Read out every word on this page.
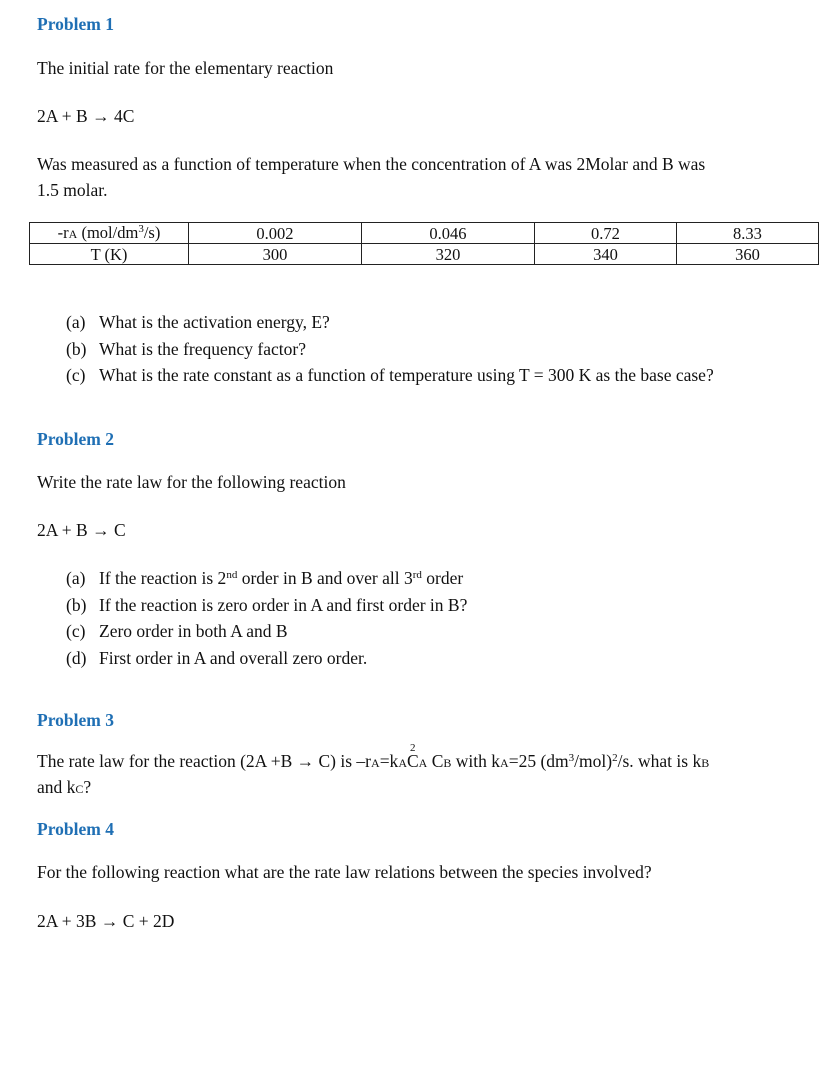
Problem 1
The initial rate for the elementary reaction
2A + B → 4C
Was measured as a function of temperature when the concentration of A was 2Molar and B was
1.5 molar.
-rA $(mol/dm^3/s)$	0.002	0.046	0.72	8.33
T (K)	300	320	340	360
(a) What is the activation energy, E?
(b) What is the frequency factor?
(c) What is the rate constant as a function of temperature using T = 300 K as the base case?
Problem 2
Write the rate law for the following reaction
2A + B → C
(a) If the reaction is 2nd order in B and over all 3rd order
(b) If the reaction is zero order in A and first order in B?
(c) Zero order in both A and B
(d) First order in A and overall zero order.
Problem 3
The rate law for the reaction (2A +B → C) is –rA=kACA
2
CB with kA=25 $(dm^3/mol)^2/s$. what is kB
and kC?
Problem 4
For the following reaction what are the rate law relations between the species involved?
2A + 3B → C + 2D
